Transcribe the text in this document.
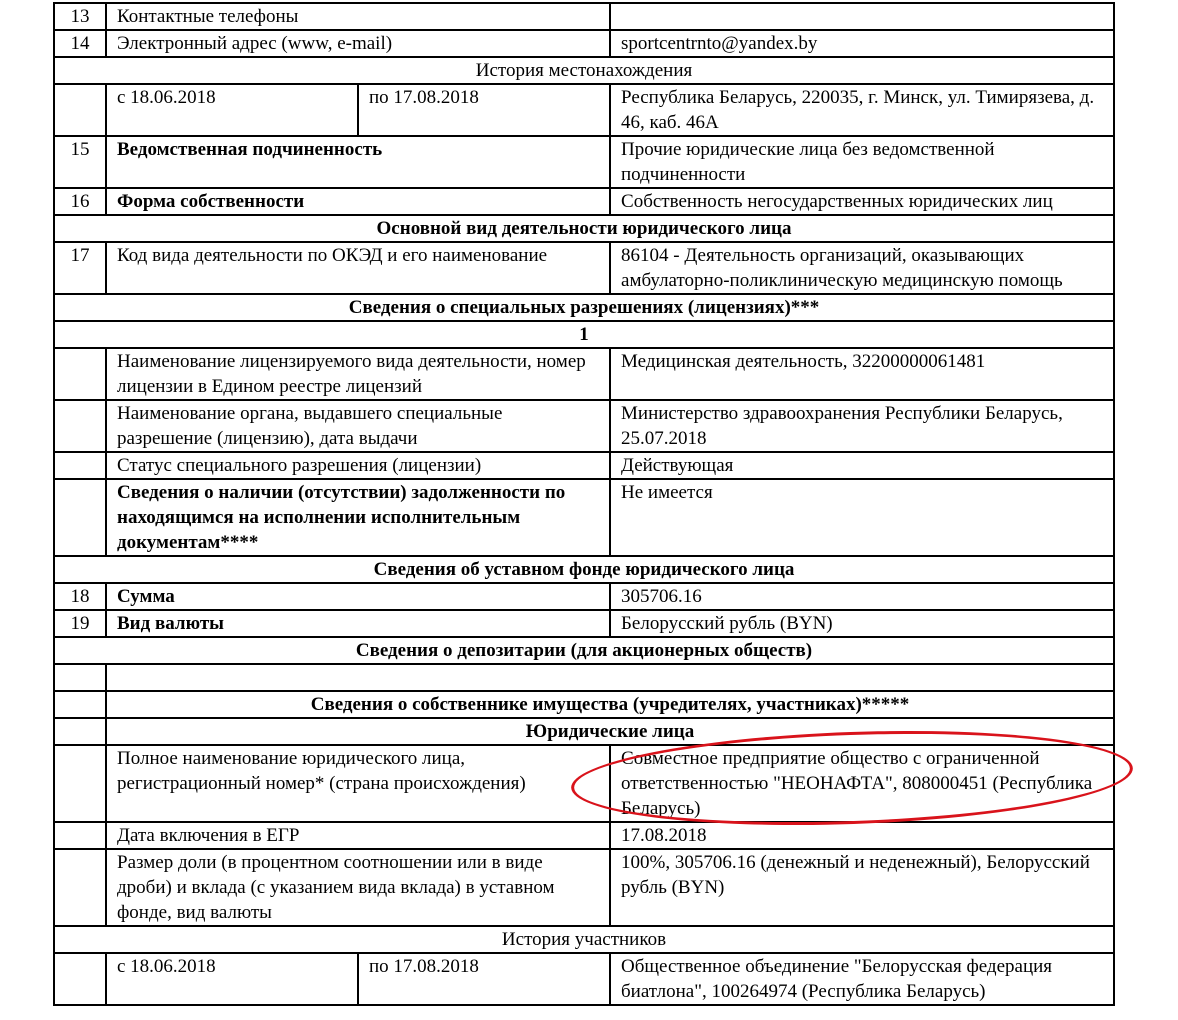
13	Контактные телефоны		
14	Электронный адрес (www, e-mail)		sportcentrnto@yandex.by
История местонахождения			
	с 18.06.2018	по 17.08.2018	Республика Беларусь, 220035, г. Минск, ул. Тимирязева, д. 46, каб. 46А
15	Ведомственная подчиненность		Прочие юридические лица без ведомственной подчиненности
16	Форма собственности		Собственность негосударственных юридических лиц
Основной вид деятельности юридического лица			
17	Код вида деятельности по ОКЭД и его наименование		86104 - Деятельность организаций, оказывающих амбулаторно-поликлиническую медицинскую помощь
Сведения о специальных разрешениях (лицензиях)***			
1			
	Наименование лицензируемого вида деятельности, номер лицензии в Едином реестре лицензий		Медицинская деятельность, 32200000061481
	Наименование органа, выдавшего специальные разрешение (лицензию), дата выдачи		Министерство здравоохранения Республики Беларусь, 25.07.2018
	Статус специального разрешения (лицензии)		Действующая
	Сведения о наличии (отсутствии) задолженности по находящимся на исполнении исполнительным документам****		Не имеется
Сведения об уставном фонде юридического лица			
18	Сумма		305706.16
19	Вид валюты		Белорусский рубль (BYN)
Сведения о депозитарии (для акционерных обществ)			

	Сведения о собственнике имущества (учредителях, участниках)*****		
	Юридические лица		
	Полное наименование юридического лица, регистрационный номер* (страна происхождения)		Совместное предприятие общество с ограниченной ответственностью "НЕОНАФТА", 808000451 (Республика Беларусь)

	Дата включения в ЕГР		17.08.2018
	Размер доли (в процентном соотношении или в виде дроби) и вклада (с указанием вида вклада) в уставном фонде, вид валюты		100%, 305706.16 (денежный и неденежный), Белорусский рубль (BYN)
История участников			
	с 18.06.2018	по 17.08.2018	Общественное объединение "Белорусская федерация биатлона", 100264974 (Республика Беларусь)
